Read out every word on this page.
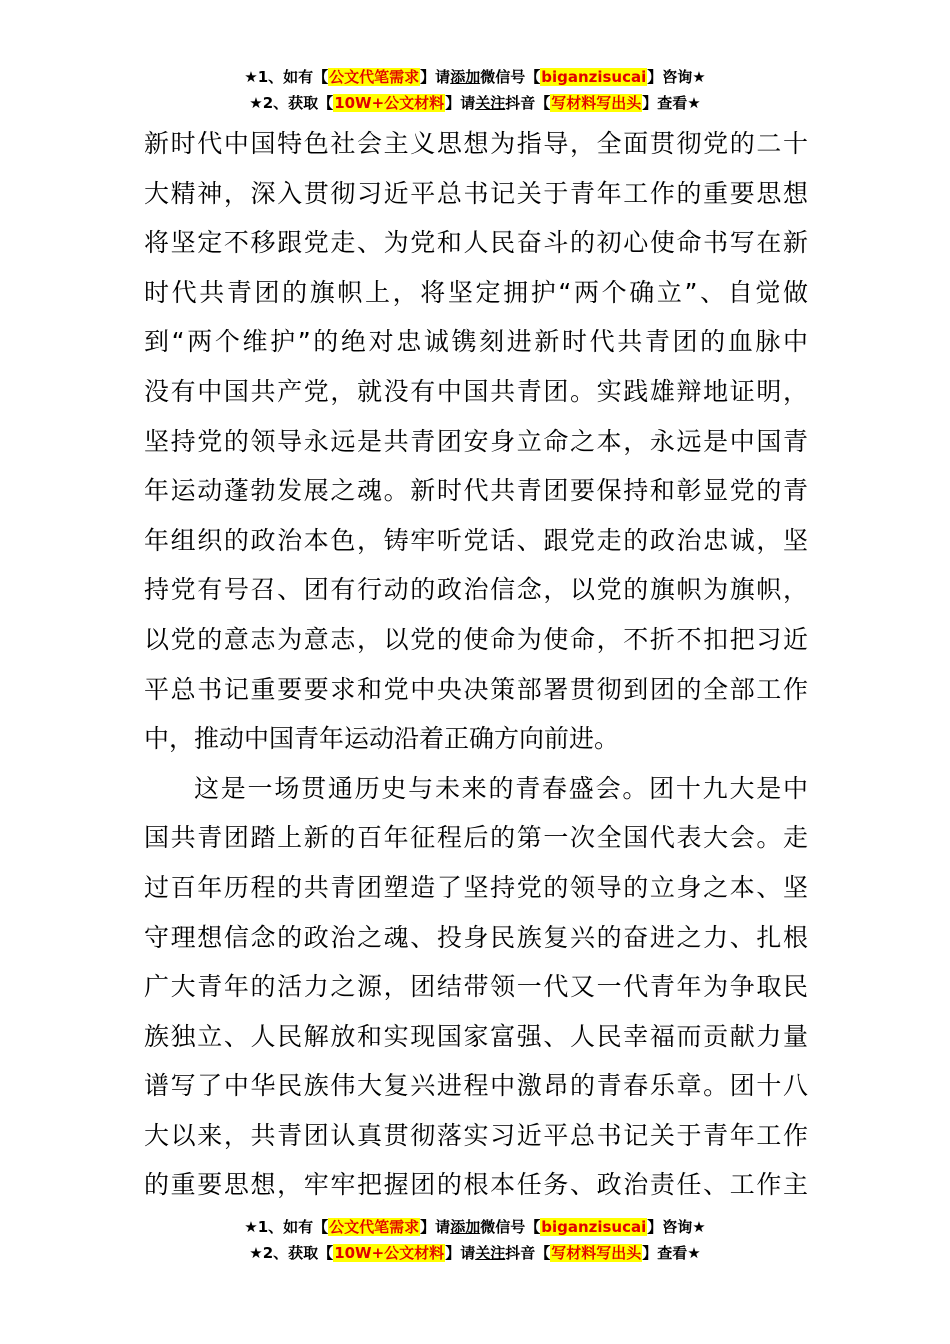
★1、如有【公文代笔需求】请添加微信号【biganzisucai】咨询★
★2、获取【10W+公文材料】请关注抖音【写材料写出头】查看★
新时代中国特色社会主义思想为指导，全面贯彻党的二十
大精神，深入贯彻习近平总书记关于青年工作的重要思想
将坚定不移跟党走、为党和人民奋斗的初心使命书写在新
时代共青团的旗帜上，将坚定拥护“两个确立”、自觉做
到“两个维护”的绝对忠诚镌刻进新时代共青团的血脉中
没有中国共产党，就没有中国共青团。实践雄辩地证明，
坚持党的领导永远是共青团安身立命之本，永远是中国青
年运动蓬勃发展之魂。新时代共青团要保持和彰显党的青
年组织的政治本色，铸牢听党话、跟党走的政治忠诚，坚
持党有号召、团有行动的政治信念，以党的旗帜为旗帜，
以党的意志为意志，以党的使命为使命，不折不扣把习近
平总书记重要要求和党中央决策部署贯彻到团的全部工作
中，推动中国青年运动沿着正确方向前进。
这是一场贯通历史与未来的青春盛会。团十九大是中
国共青团踏上新的百年征程后的第一次全国代表大会。走
过百年历程的共青团塑造了坚持党的领导的立身之本、坚
守理想信念的政治之魂、投身民族复兴的奋进之力、扎根
广大青年的活力之源，团结带领一代又一代青年为争取民
族独立、人民解放和实现国家富强、人民幸福而贡献力量
谱写了中华民族伟大复兴进程中激昂的青春乐章。团十八
大以来，共青团认真贯彻落实习近平总书记关于青年工作
的重要思想，牢牢把握团的根本任务、政治责任、工作主
★1、如有【公文代笔需求】请添加微信号【biganzisucai】咨询★
★2、获取【10W+公文材料】请关注抖音【写材料写出头】查看★
